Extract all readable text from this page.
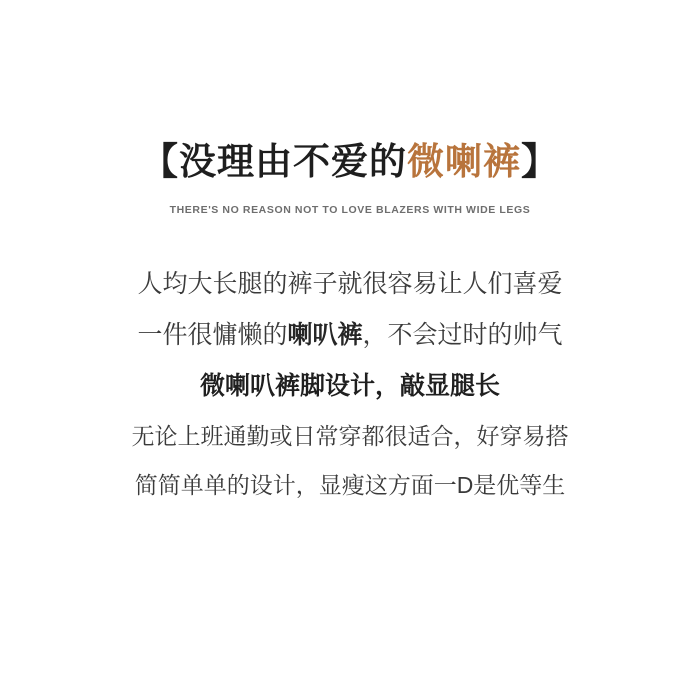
【没理由不爱的微喇裤】
THERE'S NO REASON NOT TO LOVE BLAZERS WITH WIDE LEGS
人均大长腿的裤子就很容易让人们喜爱
一件很慵懒的喇叭裤，不会过时的帅气
微喇叭裤脚设计，敲显腿长
无论上班通勤或日常穿都很适合，好穿易搭
简简单单的设计，显瘦这方面一D是优等生
